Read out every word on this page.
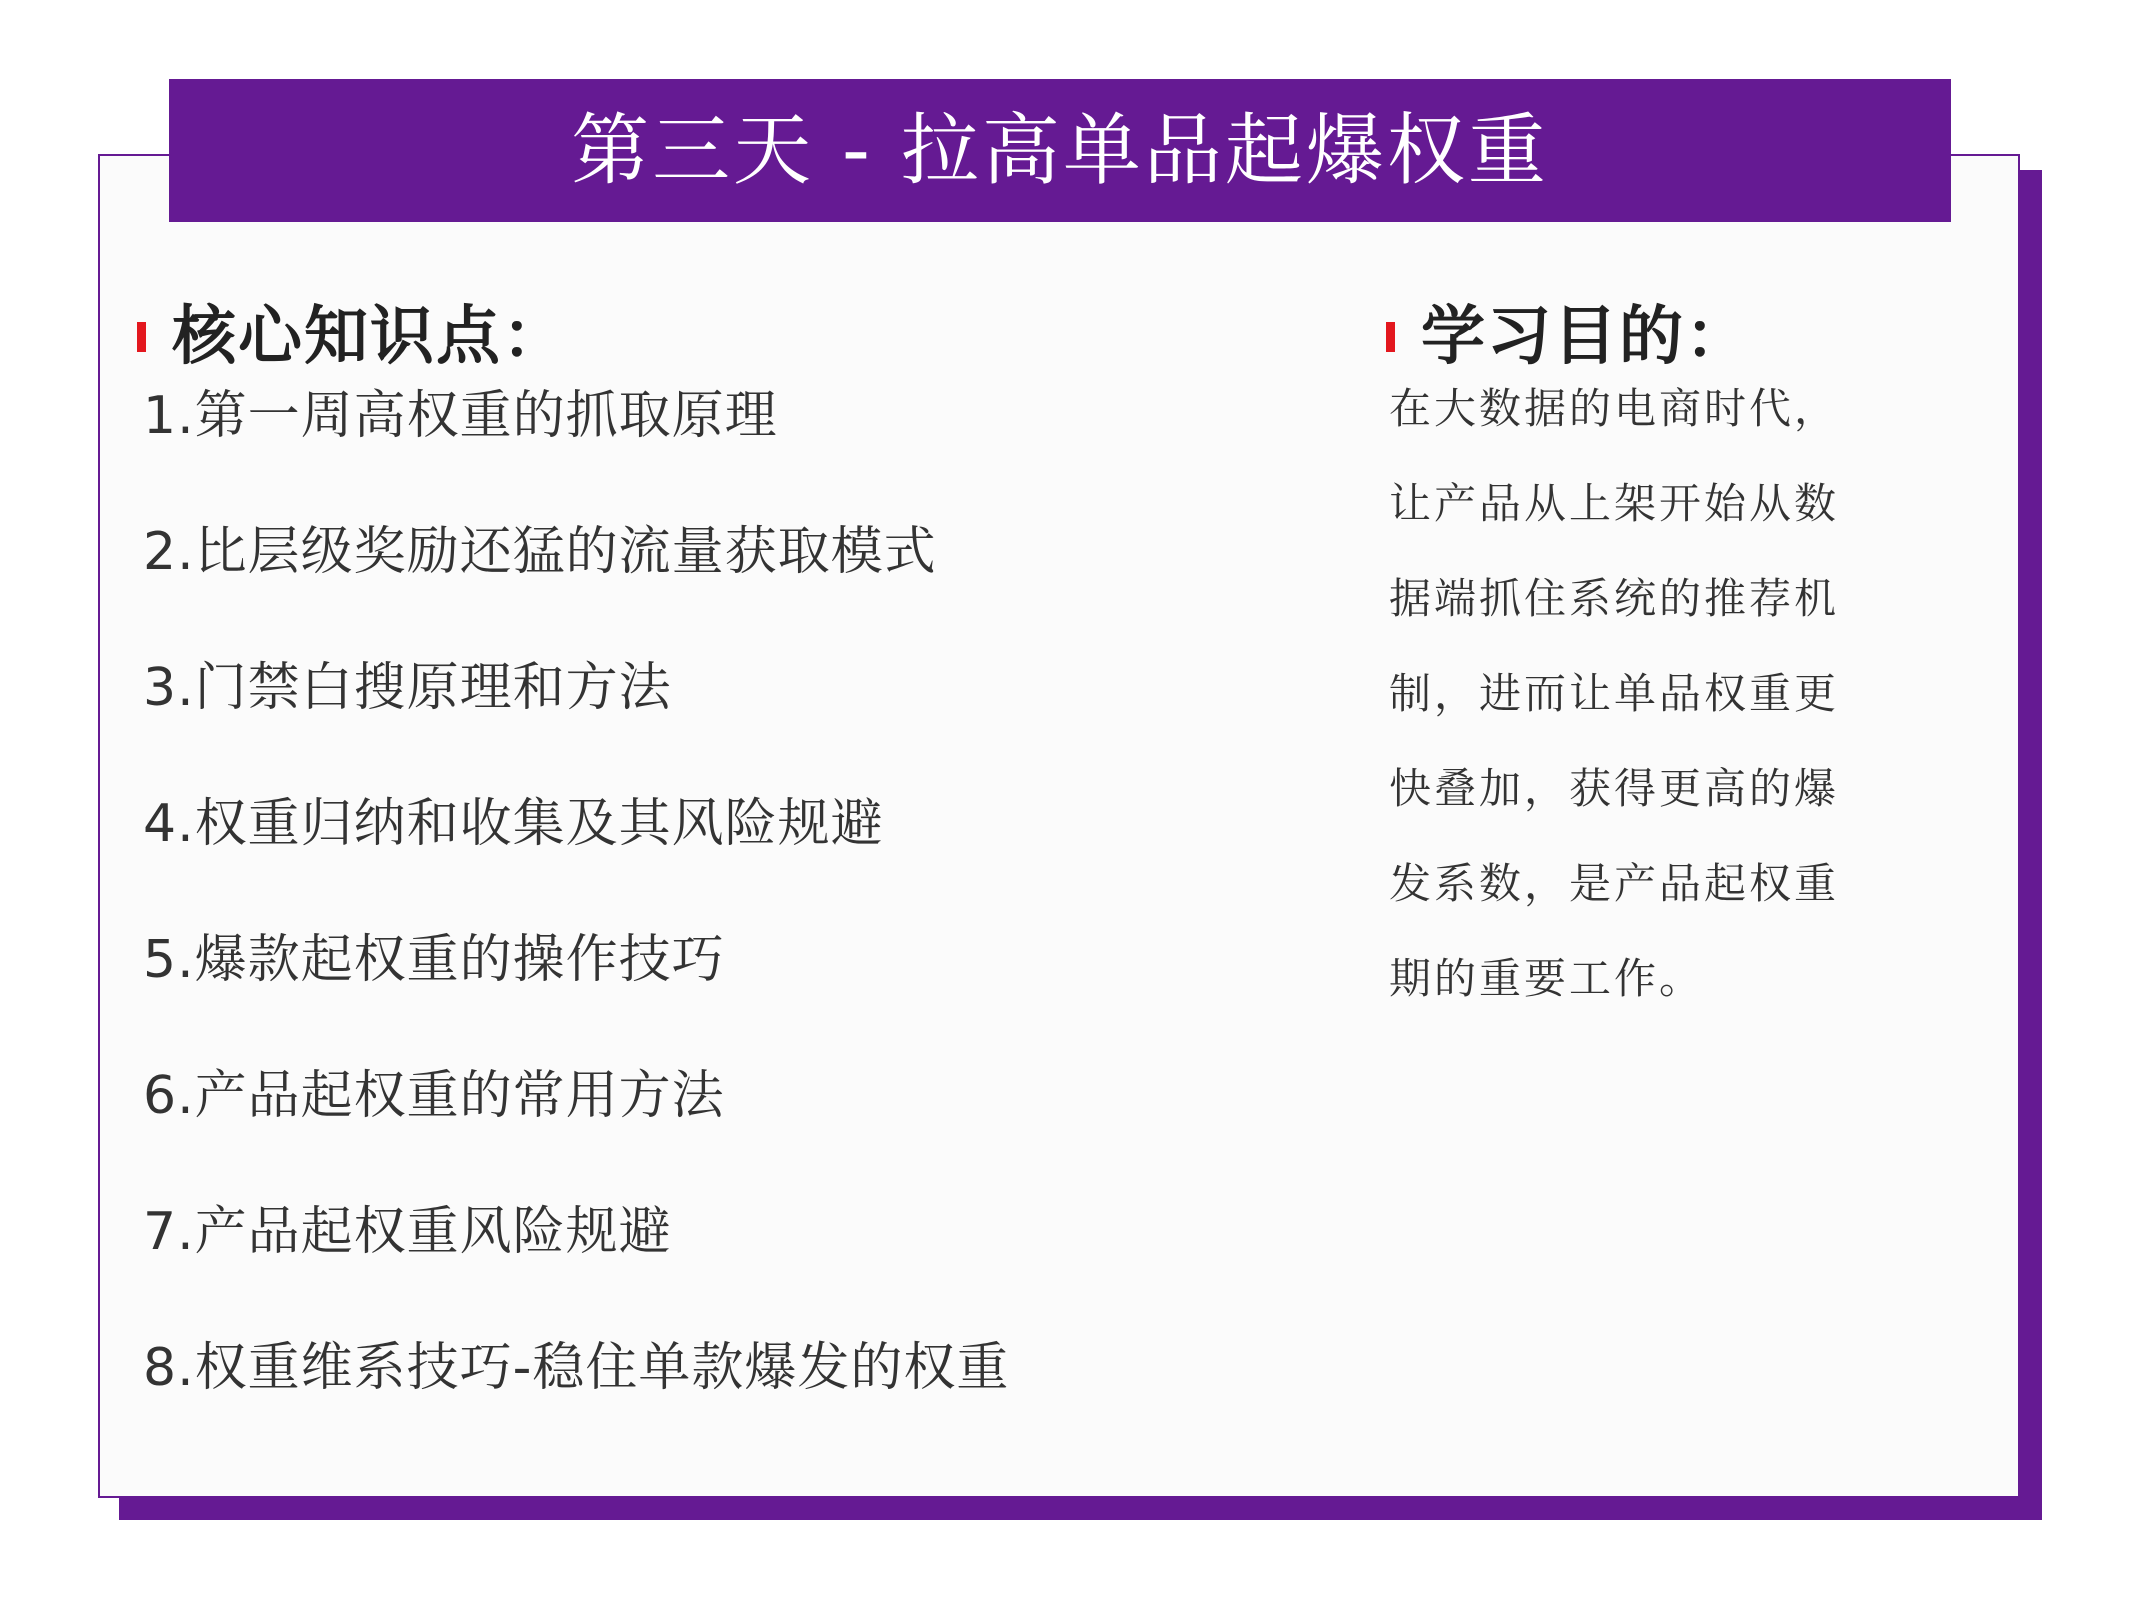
第三天 - 拉高单品起爆权重
核心知识点：
1.第一周高权重的抓取原理
2.比层级奖励还猛的流量获取模式
3.门禁白搜原理和方法
4.权重归纳和收集及其风险规避
5.爆款起权重的操作技巧
6.产品起权重的常用方法
7.产品起权重风险规避
8.权重维系技巧-稳住单款爆发的权重
学习目的：
在大数据的电商时代，
让产品从上架开始从数
据端抓住系统的推荐机
制，进而让单品权重更
快叠加，获得更高的爆
发系数，是产品起权重
期的重要工作。
